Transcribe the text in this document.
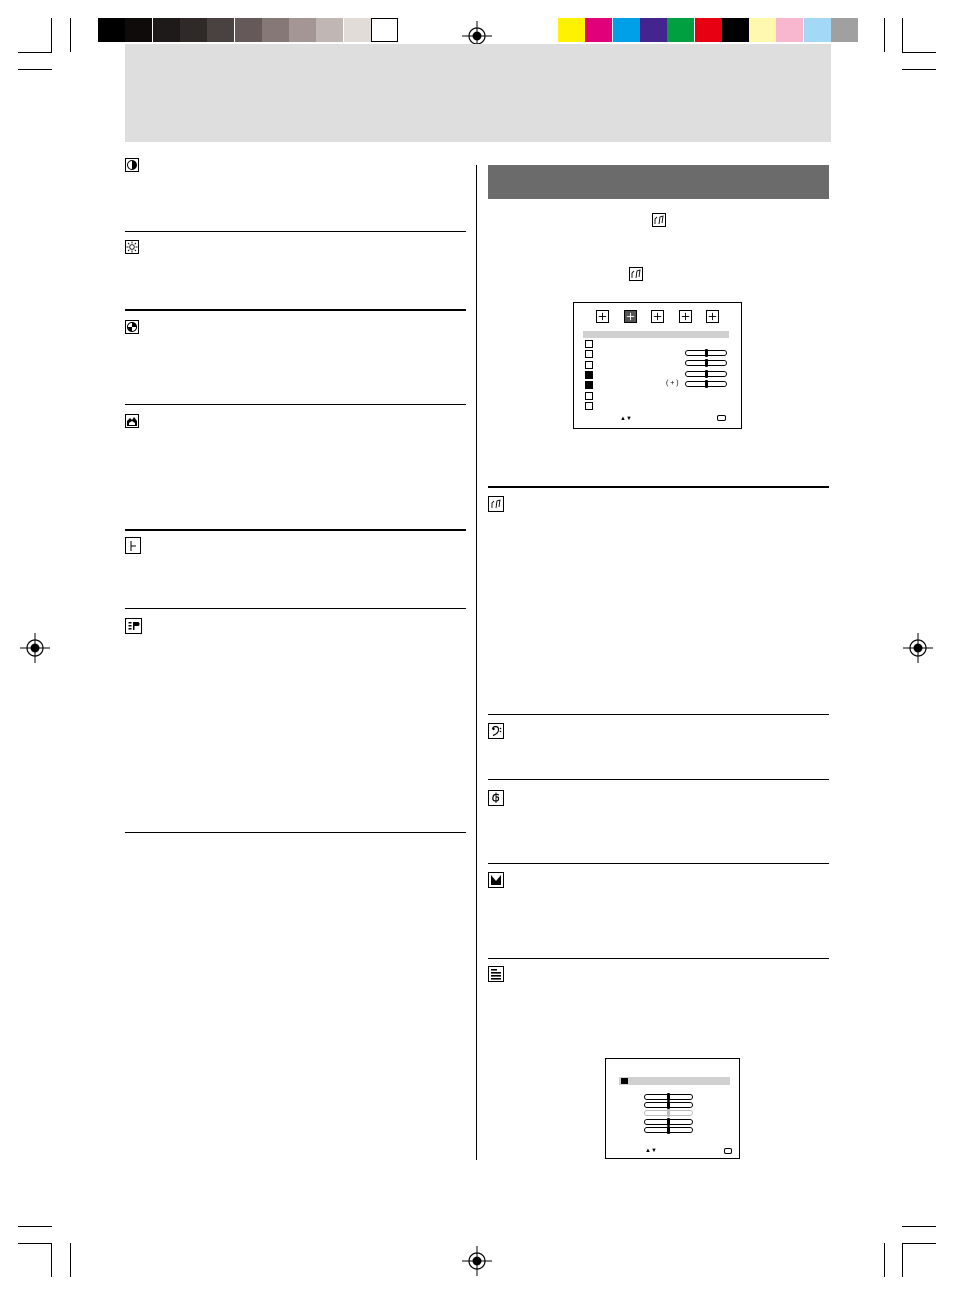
( + )
▲▼
▲▼
